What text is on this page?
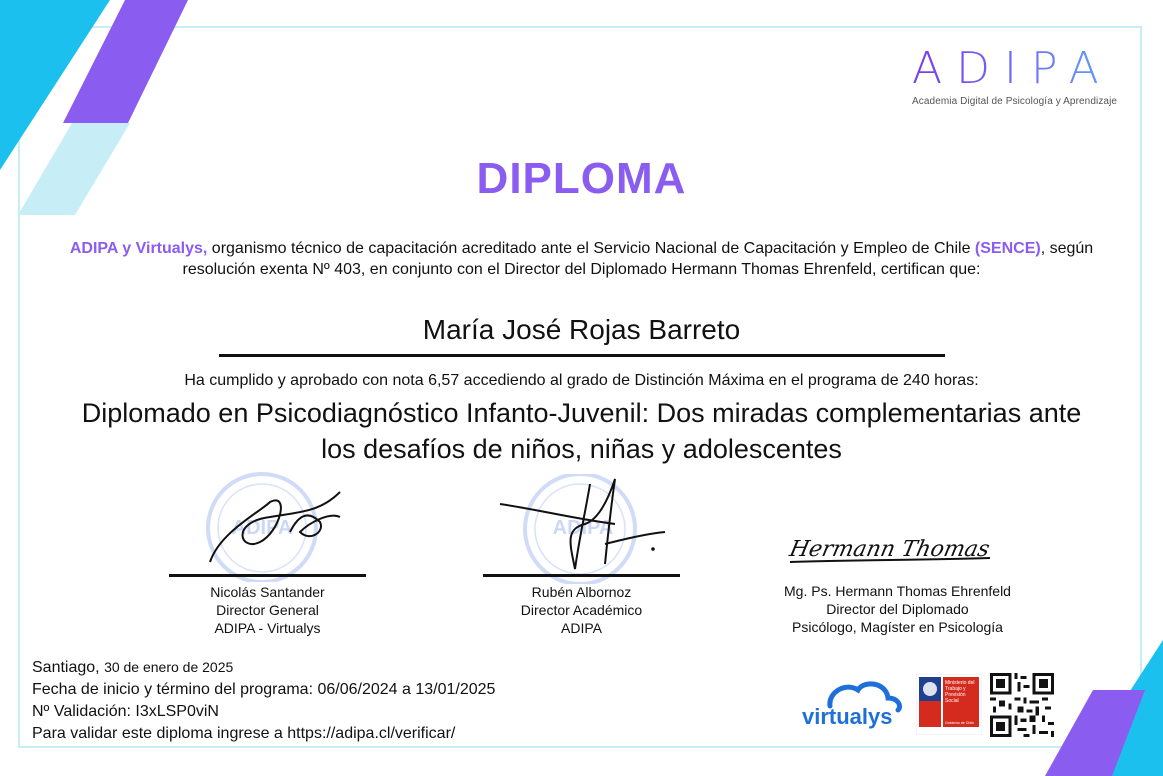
ADIPA
Academia Digital de Psicología y Aprendizaje
DIPLOMA
ADIPA y Virtualys, organismo técnico de capacitación acreditado ante el Servicio Nacional de Capacitación y Empleo de Chile (SENCE), según resolución exenta Nº 403, en conjunto con el Director del Diplomado Hermann Thomas Ehrenfeld, certifican que:
María José Rojas Barreto
Ha cumplido y aprobado con nota 6,57 accediendo al grado de Distinción Máxima en el programa de 240 horas:
Diplomado en Psicodiagnóstico Infanto-Juvenil: Dos miradas complementarias ante los desafíos de niños, niñas y adolescentes
ADIPA
Nicolás Santander
Director General
ADIPA - Virtualys
ADIPA
Rubén Albornoz
Director Académico
ADIPA
Hermann Thomas
Mg. Ps. Hermann Thomas Ehrenfeld
Director del Diplomado
Psicólogo, Magíster en Psicología
Santiago, 30 de enero de 2025
Fecha de inicio y término del programa: 06/06/2024 a 13/01/2025
Nº Validación: I3xLSP0viN
Para validar este diploma ingrese a https://adipa.cl/verificar/
virtualys
Ministerio del
Trabajo y
Previsión
Social
Gobierno de Chile
